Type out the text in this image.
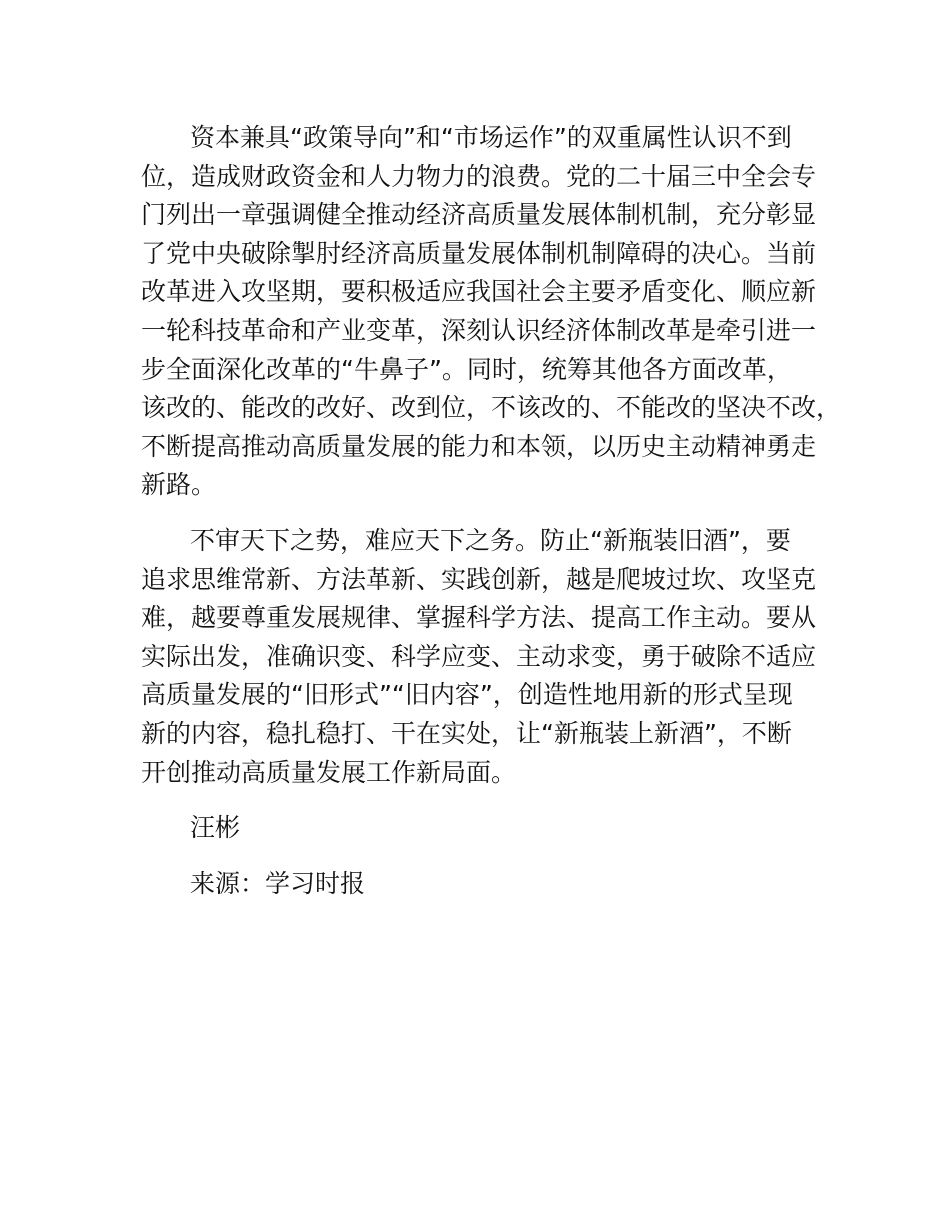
资本兼具“政策导向”和“市场运作”的双重属性认识不到
位，造成财政资金和人力物力的浪费。党的二十届三中全会专
门列出一章强调健全推动经济高质量发展体制机制，充分彰显
了党中央破除掣肘经济高质量发展体制机制障碍的决心。当前
改革进入攻坚期，要积极适应我国社会主要矛盾变化、顺应新
一轮科技革命和产业变革，深刻认识经济体制改革是牵引进一
步全面深化改革的“牛鼻子”。同时，统筹其他各方面改革，
该改的、能改的改好、改到位，不该改的、不能改的坚决不改，
不断提高推动高质量发展的能力和本领，以历史主动精神勇走
新路。
不审天下之势，难应天下之务。防止“新瓶装旧酒”，要
追求思维常新、方法革新、实践创新，越是爬坡过坎、攻坚克
难，越要尊重发展规律、掌握科学方法、提高工作主动。要从
实际出发，准确识变、科学应变、主动求变，勇于破除不适应
高质量发展的“旧形式”“旧内容”，创造性地用新的形式呈现
新的内容，稳扎稳打、干在实处，让“新瓶装上新酒”，不断
开创推动高质量发展工作新局面。
汪彬
来源：学习时报
